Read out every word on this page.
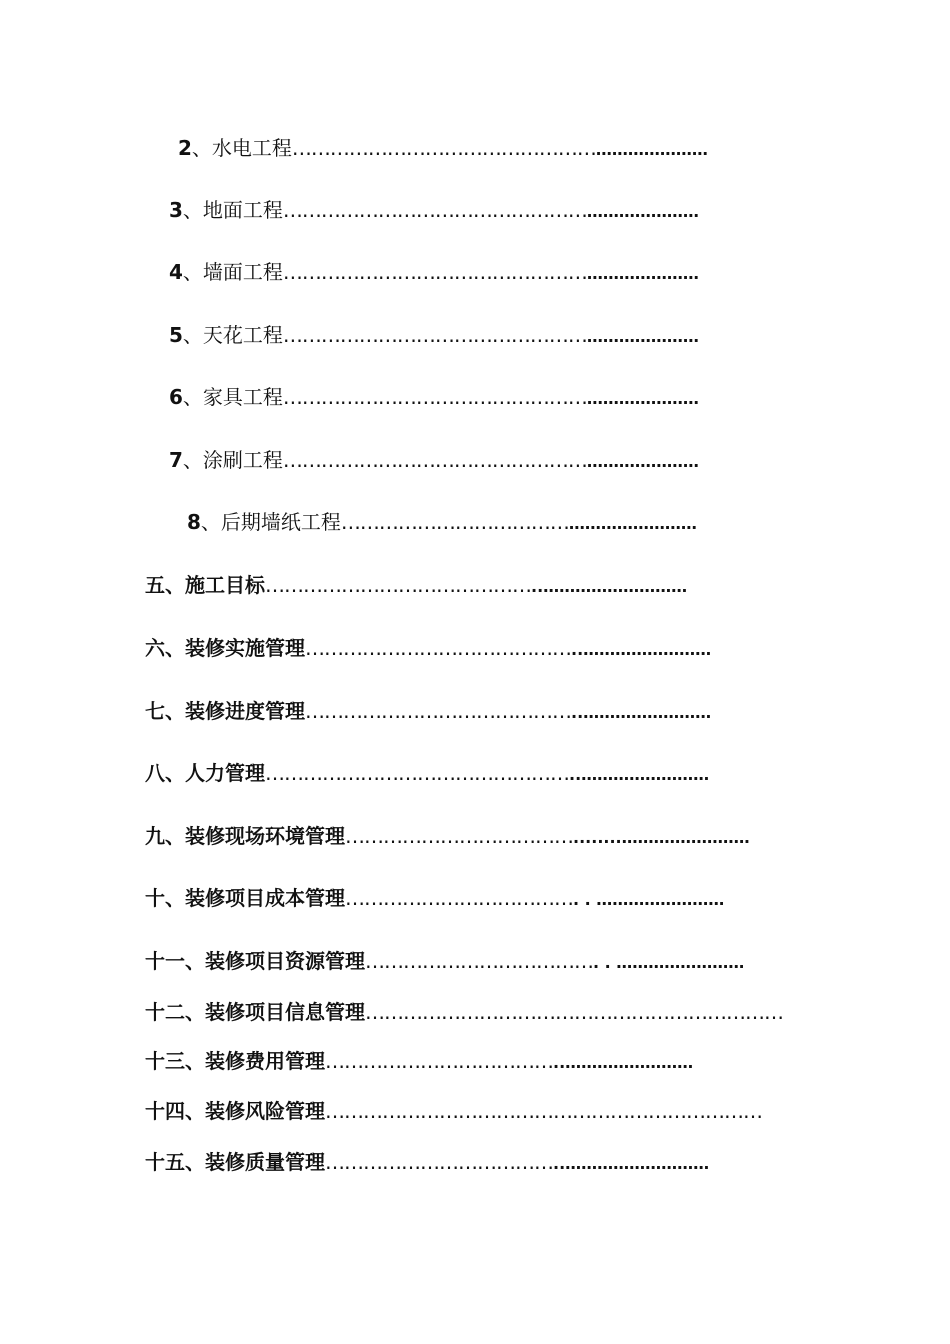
2、水电工程……………………………………………………………
3、地面工程……………………………………………………………
4、墙面工程……………………………………………………………
5、天花工程……………………………………………………………
6、家具工程……………………………………………………………
7、涂刷工程……………………………………………………………
8、后期墙纸工程……………………………………………………
五、施工目标……………………………………..………………………
六、装修实施管理……………………………………..……………………
七、装修进度管理……………………………………..……………………
八、人力管理…………………………………………..……………………
九、装修现场环境管理………………………………........……………………
十、装修项目成本管理………………………………. . ……………………
十一、装修项目资源管理………………………………. . ……………………
十二、装修项目信息管理…………………………………………………………
十三、装修费用管理………………………………..……………………
十四、装修风险管理……………………………………………………………
十五、装修质量管理………………………………..………………………
